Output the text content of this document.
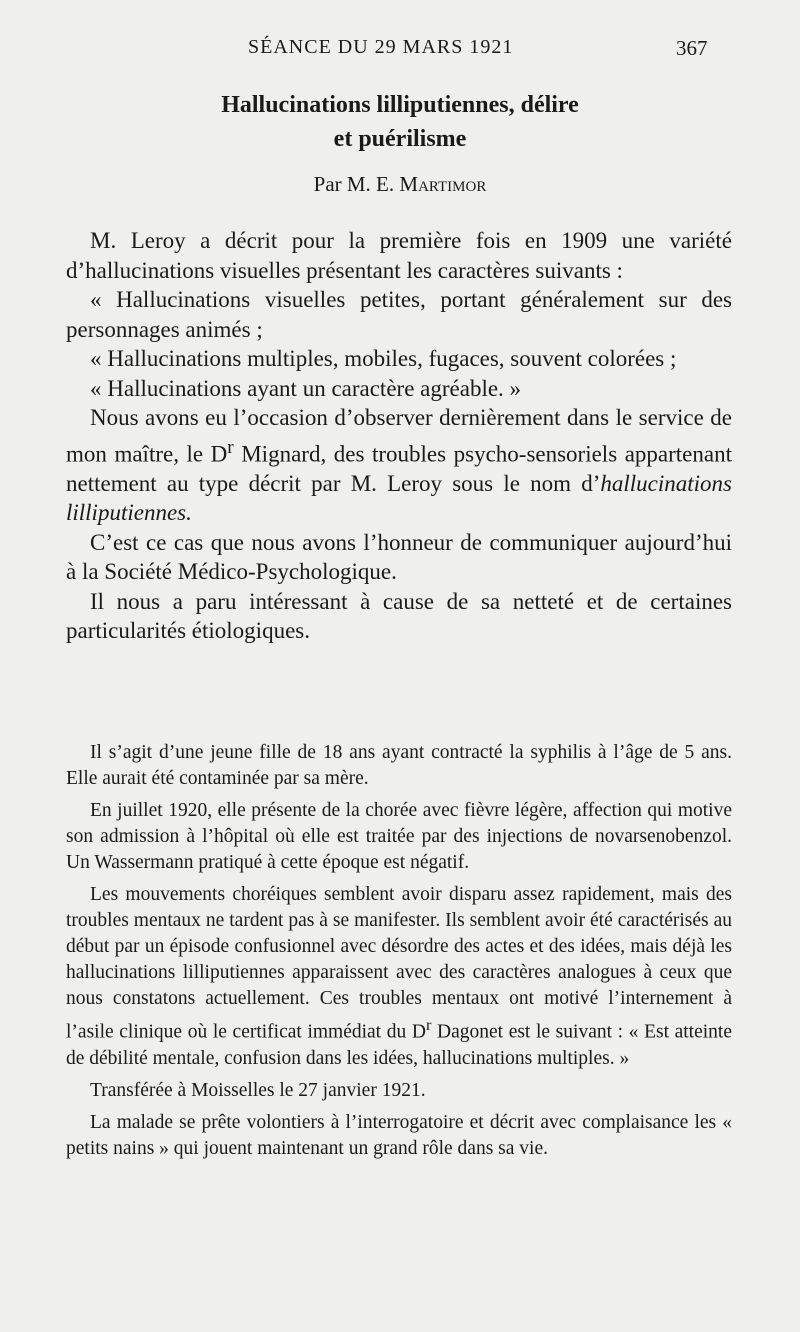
SÉANCE DU 29 MARS 1921	367
Hallucinations lilliputiennes, délire
et puérilisme
Par M. E. Martimor

M. Leroy a décrit pour la première fois en 1909 une variété d’hallucinations visuelles présentant les caractères suivants :

« Hallucinations visuelles petites, portant généralement sur des personnages animés ;

« Hallucinations multiples, mobiles, fugaces, souvent colorées ;

« Hallucinations ayant un caractère agréable. »

Nous avons eu l’occasion d’observer dernièrement dans le service de mon maître, le $D^r$ Mignard, des troubles psycho-sensoriels appartenant nettement au type décrit par M. Leroy sous le nom d’hallucinations lilliputiennes.

C’est ce cas que nous avons l’honneur de communiquer aujourd’hui à la Société Médico-Psychologique.

Il nous a paru intéressant à cause de sa netteté et de certaines particularités étiologiques.

Il s’agit d’une jeune fille de 18 ans ayant contracté la syphilis à l’âge de 5 ans. Elle aurait été contaminée par sa mère.

En juillet 1920, elle présente de la chorée avec fièvre légère, affection qui motive son admission à l’hôpital où elle est traitée par des injections de novarsenobenzol. Un Wassermann pratiqué à cette époque est négatif.

Les mouvements choréiques semblent avoir disparu assez rapidement, mais des troubles mentaux ne tardent pas à se manifester. Ils semblent avoir été caractérisés au début par un épisode confusionnel avec désordre des actes et des idées, mais déjà les hallucinations lilliputiennes apparaissent avec des caractères analogues à ceux que nous constatons actuellement. Ces troubles mentaux ont motivé l’internement à l’asile clinique où le certificat immédiat du $D^r$ Dagonet est le suivant : « Est atteinte de débilité mentale, confusion dans les idées, hallucinations multiples. »

Transférée à Moisselles le 27 janvier 1921.

La malade se prête volontiers à l’interrogatoire et décrit avec complaisance les « petits nains » qui jouent maintenant un grand rôle dans sa vie.
